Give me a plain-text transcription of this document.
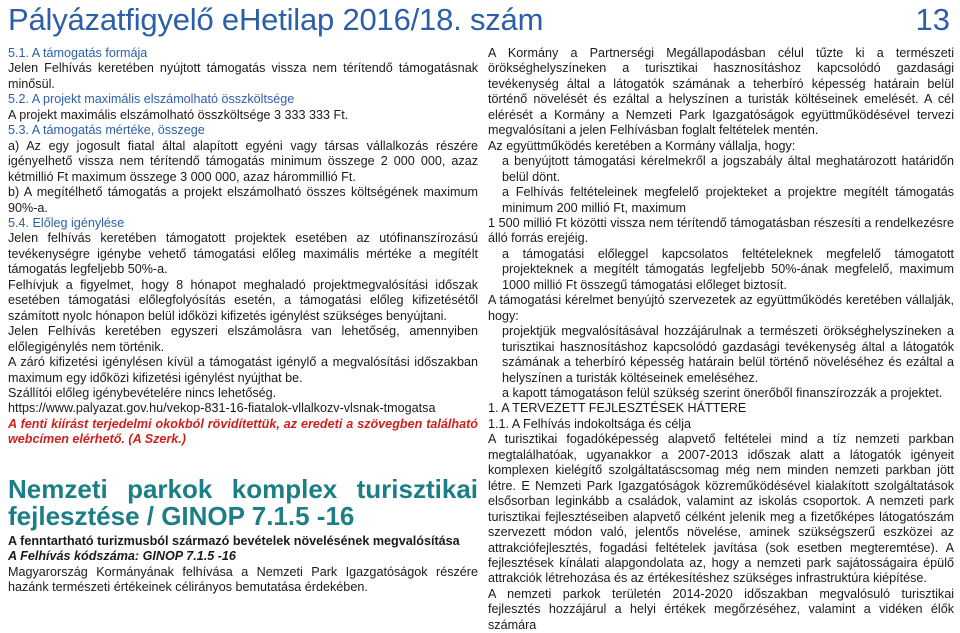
Pályázatfigyelő eHetilap 2016/18. szám	13

5.1. A támogatás formája

Jelen Felhívás keretében nyújtott támogatás vissza nem térítendő támogatásnak minősül.

5.2. A projekt maximális elszámolható összköltsége

A projekt maximális elszámolható összköltsége 3 333 333 Ft.

5.3. A támogatás mértéke, összege

a) Az egy jogosult fiatal által alapított egyéni vagy társas vállalkozás részére igényelhető vissza nem térítendő támogatás minimum összege 2 000 000, azaz kétmillió Ft maximum összege 3 000 000, azaz hárommillió Ft.

b) A megítélhető támogatás a projekt elszámolható összes költségének maximum 90%-a.

5.4. Előleg igénylése

Jelen felhívás keretében támogatott projektek esetében az utófinanszírozású tevékenységre igénybe vehető támogatási előleg maximális mértéke a megítélt támogatás legfeljebb 50%-a.

Felhívjuk a figyelmet, hogy 8 hónapot meghaladó projektmegvalósítási időszak esetében támogatási előlegfolyósítás esetén, a támogatási előleg kifizetésétől számított nyolc hónapon belül időközi kifizetés igénylést szükséges benyújtani.

Jelen Felhívás keretében egyszeri elszámolásra van lehetőség, amennyiben előlegigénylés nem történik.

A záró kifizetési igénylésen kívül a támogatást igénylő a megvalósítási időszakban maximum egy időközi kifizetési igénylést nyújthat be.

Szállítói előleg igénybevételére nincs lehetőség.

https://www.palyazat.gov.hu/vekop-831-16-fiatalok-vllalkozv-vlsnak-tmogatsa

A fenti kiírást terjedelmi okokból rövidítettük, az eredeti a szövegben található webcímen elérhető. (A Szerk.)

Nemzeti parkok komplex turisztikai fejlesztése / GINOP 7.1.5 -16

A fenntartható turizmusból származó bevételek növelésének megvalósítása

A Felhívás kódszáma: GINOP 7.1.5 -16

Magyarország Kormányának felhívása a Nemzeti Park Igazgatóságok részére hazánk természeti értékeinek célirányos bemutatása érdekében.

A Kormány a Partnerségi Megállapodásban célul tűzte ki a természeti örökséghelyszíneken a turisztikai hasznosításhoz kapcsolódó gazdasági tevékenység által a látogatók számának a teherbíró képesség határain belül történő növelését és ezáltal a helyszínen a turisták költéseinek emelését. A cél elérését a Kormány a Nemzeti Park Igazgatóságok együttműködésével tervezi megvalósítani a jelen Felhívásban foglalt feltételek mentén.

Az együttműködés keretében a Kormány vállalja, hogy:

a benyújtott támogatási kérelmekről a jogszabály által meghatározott határidőn belül dönt.

a Felhívás feltételeinek megfelelő projekteket a projektre megítélt támogatás minimum 200 millió Ft, maximum

1 500 millió Ft közötti vissza nem térítendő támogatásban részesíti a rendelkezésre álló forrás erejéig.

a támogatási előleggel kapcsolatos feltételeknek megfelelő támogatott projekteknek a megítélt támogatás legfeljebb 50%-ának megfelelő, maximum 1000 millió Ft összegű támogatási előleget biztosít.

A támogatási kérelmet benyújtó szervezetek az együttműködés keretében vállalják, hogy:

projektjük megvalósításával hozzájárulnak a természeti örökséghelyszíneken a turisztikai hasznosításhoz kapcsolódó gazdasági tevékenység által a látogatók számának a teherbíró képesség határain belül történő növeléséhez és ezáltal a helyszínen a turisták költéseinek emeléséhez.

a kapott támogatáson felül szükség szerint önerőből finanszírozzák a projektet.

1. A TERVEZETT FEJLESZTÉSEK HÁTTERE

1.1. A Felhívás indokoltsága és célja

A turisztikai fogadóképesség alapvető feltételei mind a tíz nemzeti parkban megtalálhatóak, ugyanakkor a 2007-2013 időszak alatt a látogatók igényeit komplexen kielégítő szolgáltatáscsomag még nem minden nemzeti parkban jött létre. E Nemzeti Park Igazgatóságok közreműködésével kialakított szolgáltatások elsősorban leginkább a családok, valamint az iskolás csoportok. A nemzeti park turisztikai fejlesztéseiben alapvető célként jelenik meg a fizetőképes látogatószám szervezett módon való, jelentős növelése, aminek szükségszerű eszközei az attrakciófejlesztés, fogadási feltételek javítása (sok esetben megteremtése). A fejlesztések kínálati alapgondolata az, hogy a nemzeti park sajátosságaira épülő attrakciók létrehozása és az értékesítéshez szükséges infrastruktúra kiépítése.

A nemzeti parkok területén 2014-2020 időszakban megvalósuló turisztikai fejlesztés hozzájárul a helyi értékek megőrzéséhez, valamint a vidéken élők számára
